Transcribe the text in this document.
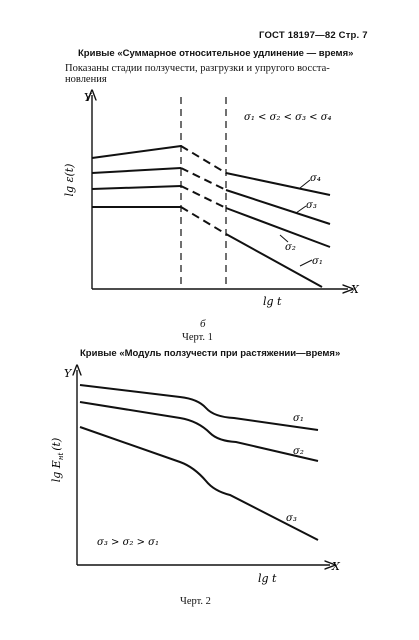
ГОСТ 18197—82 Стр. 7
Кривые «Суммарное относительное удлинение — время»
Показаны стадии ползучести, разгрузки и упругого восста-
новления
Y
X
σ₄
σ₃
σ₂
σ₁
σ₁ < σ₂ < σ₃ < σ₄
lg ε(t)
lg t
Y
X
σ₁
σ₂
σ₃
σ₃ > σ₂ > σ₁
$\lg E_{нt}(t)$
lg t
б
Черт. 1
Кривые «Модуль ползучести при растяжении—время»
Черт. 2
